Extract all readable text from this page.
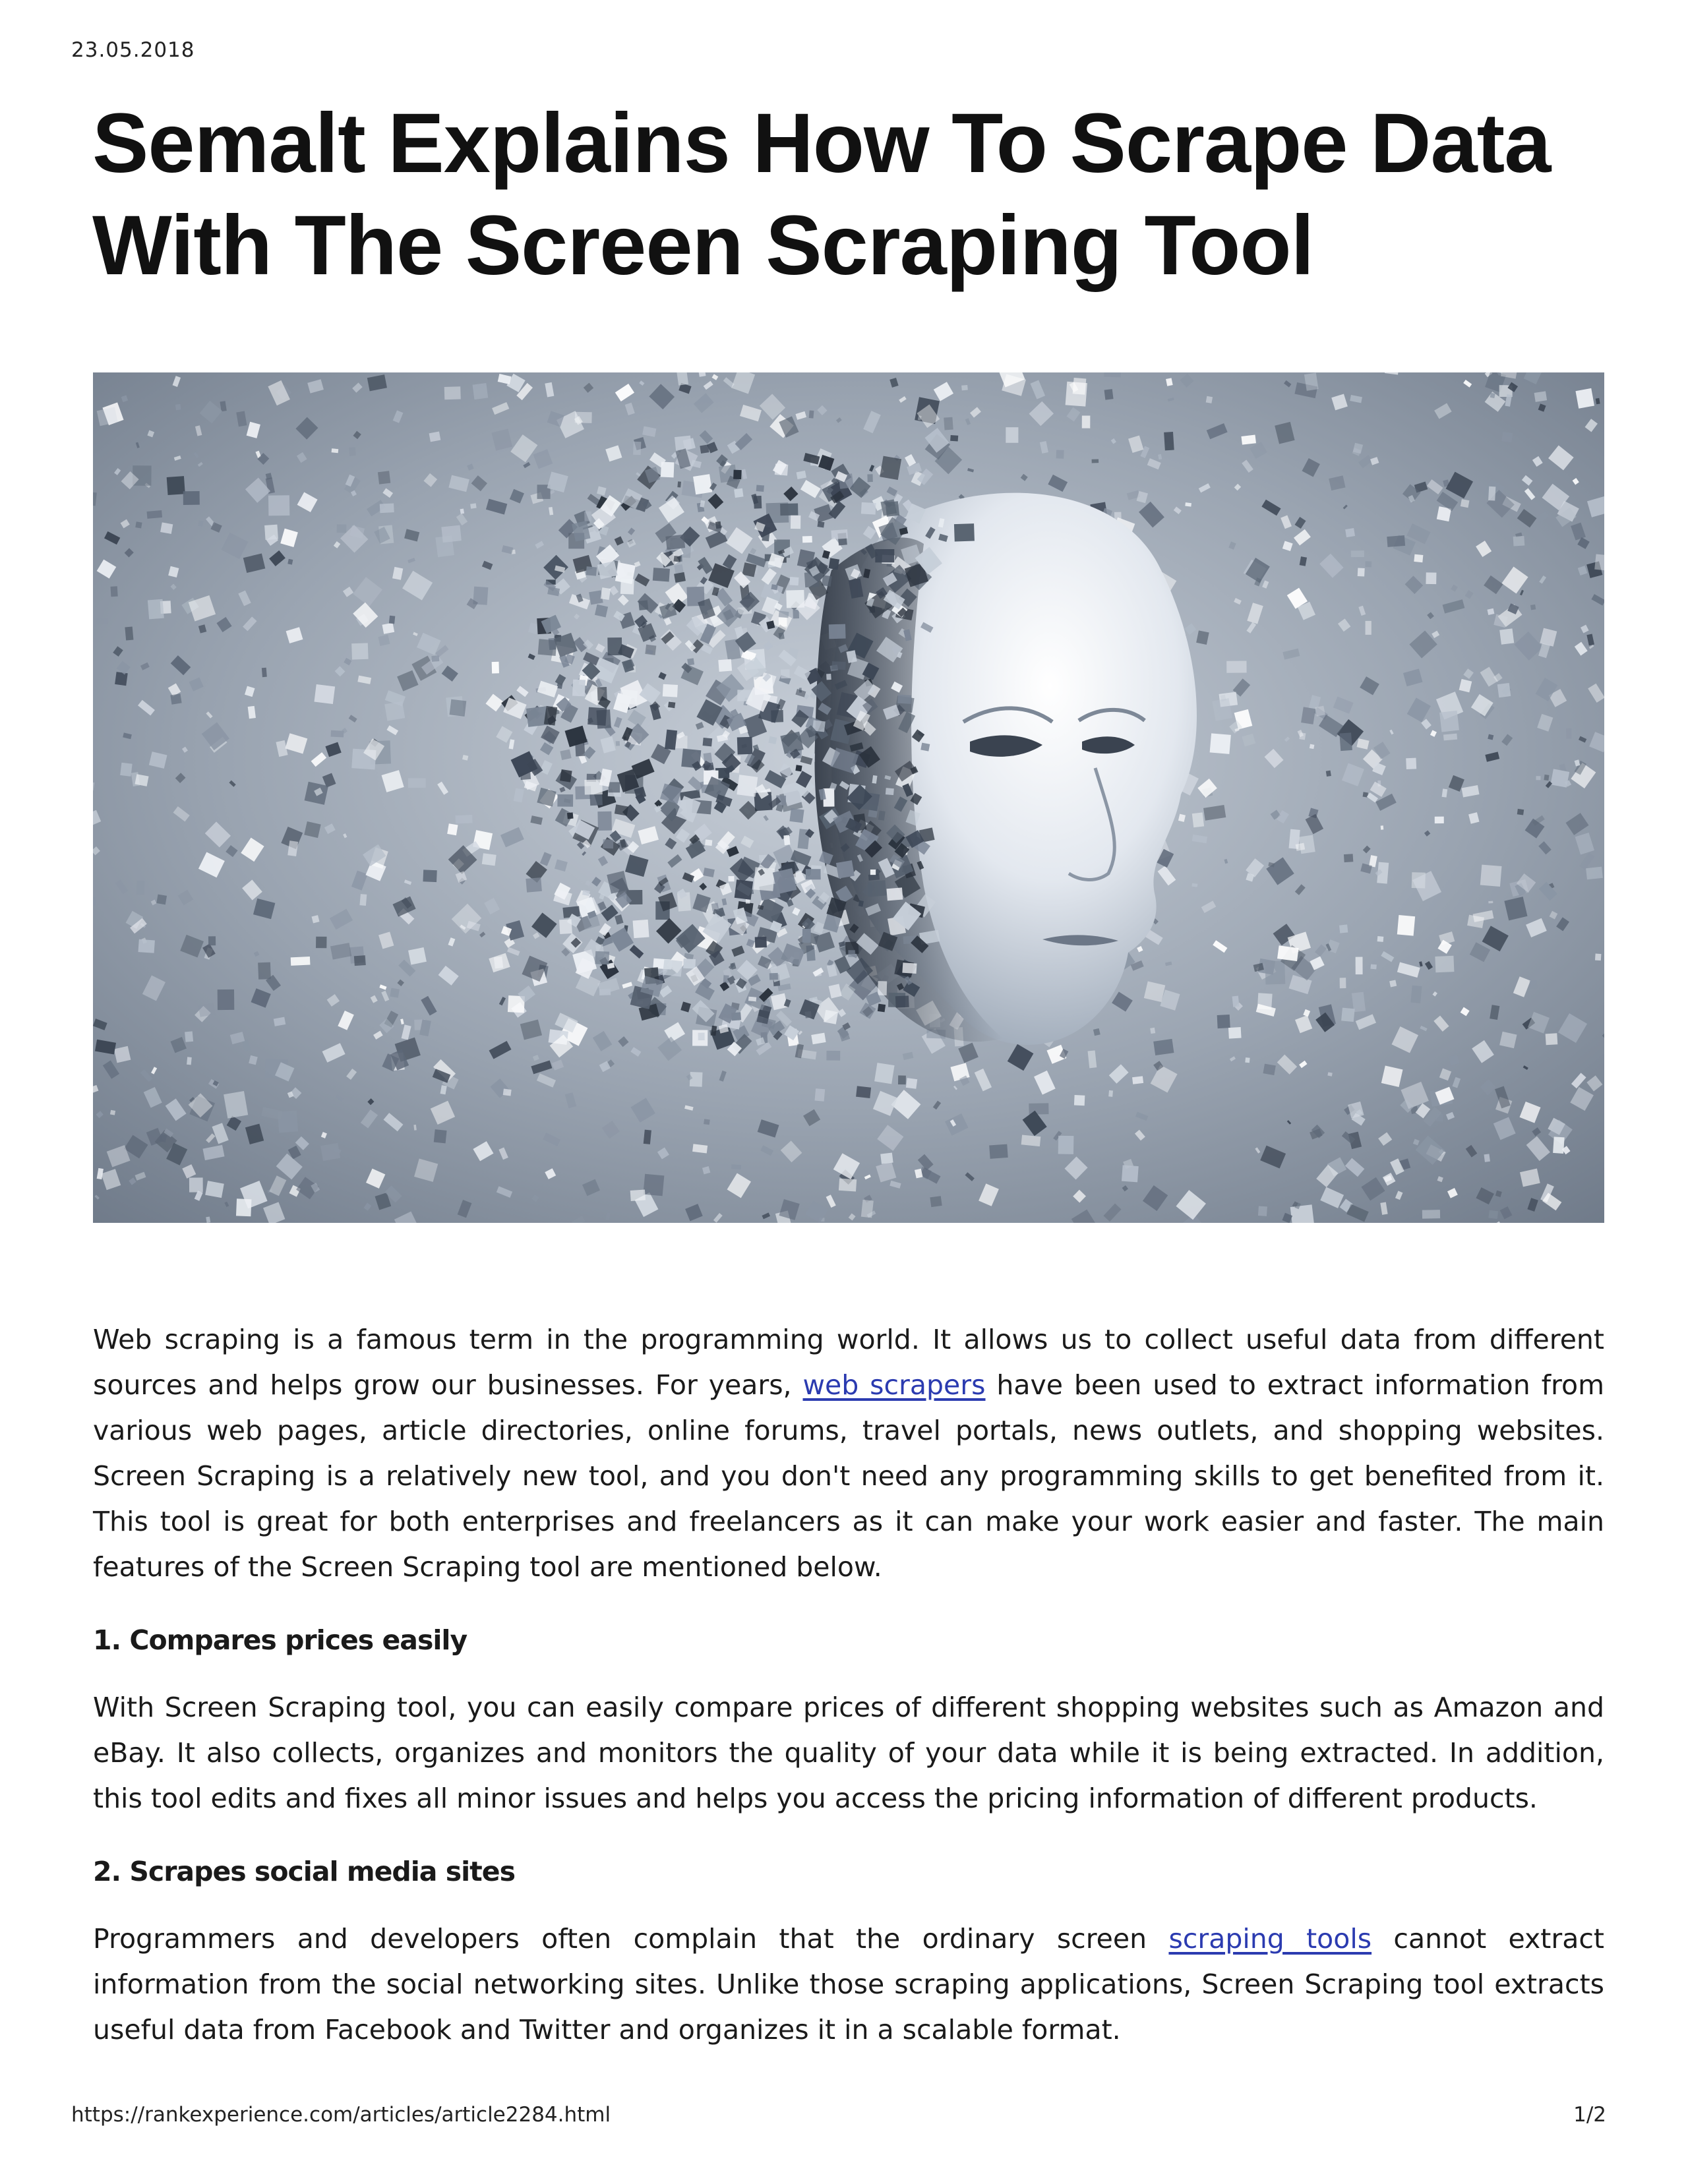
23.05.2018
Semalt Explains How To Scrape Data With The Screen Scraping Tool

Web scraping is a famous term in the programming world. It allows us to collect useful data from different sources and helps grow our businesses. For years, web scrapers have been used to extract information from various web pages, article directories, online forums, travel portals, news outlets, and shopping websites. Screen Scraping is a relatively new tool, and you don't need any programming skills to get benefited from it. This tool is great for both enterprises and freelancers as it can make your work easier and faster. The main features of the Screen Scraping tool are mentioned below.

1. Compares prices easily

With Screen Scraping tool, you can easily compare prices of different shopping websites such as Amazon and eBay. It also collects, organizes and monitors the quality of your data while it is being extracted. In addition, this tool edits and fixes all minor issues and helps you access the pricing information of different products.

2. Scrapes social media sites

Programmers and developers often complain that the ordinary screen scraping tools cannot extract information from the social networking sites. Unlike those scraping applications, Screen Scraping tool extracts useful data from Facebook and Twitter and organizes it in a scalable format.

https://rankexperience.com/articles/article2284.html	1/2
